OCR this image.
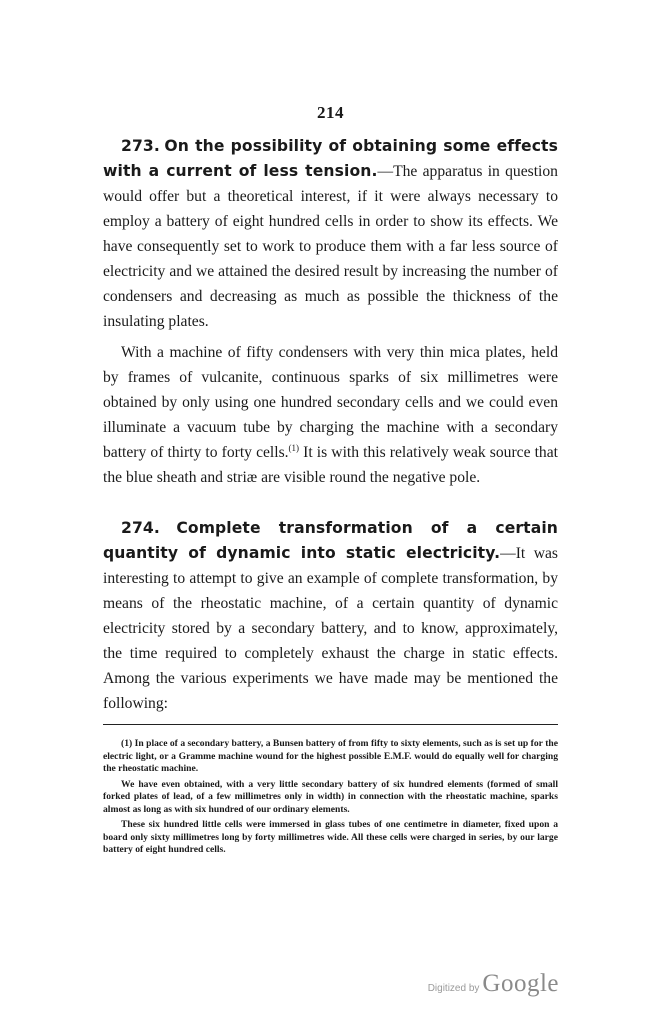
214
273. On the possibility of obtaining some effects with a current of less tension.—The apparatus in question would offer but a theoretical interest, if it were always necessary to employ a battery of eight hundred cells in order to show its effects. We have consequently set to work to produce them with a far less source of electricity and we attained the desired result by increasing the number of condensers and decreasing as much as possible the thickness of the insulating plates.
With a machine of fifty condensers with very thin mica plates, held by frames of vulcanite, continuous sparks of six millimetres were obtained by only using one hundred secondary cells and we could even illuminate a vacuum tube by charging the machine with a secondary battery of thirty to forty cells.$^{(1)}$ It is with this relatively weak source that the blue sheath and striæ are visible round the negative pole.
274. Complete transformation of a certain quantity of dynamic into static electricity.—It was interesting to attempt to give an example of complete transformation, by means of the rheostatic machine, of a certain quantity of dynamic electricity stored by a secondary battery, and to know, approximately, the time required to completely exhaust the charge in static effects. Among the various experiments we have made may be mentioned the following:

(1) In place of a secondary battery, a Bunsen battery of from fifty to sixty elements, such as is set up for the electric light, or a Gramme machine wound for the highest possible E.M.F. would do equally well for charging the rheostatic machine.

We have even obtained, with a very little secondary battery of six hundred elements (formed of small forked plates of lead, of a few millimetres only in width) in connection with the rheostatic machine, sparks almost as long as with six hundred of our ordinary elements.

These six hundred little cells were immersed in glass tubes of one centimetre in diameter, fixed upon a board only sixty millimetres long by forty millimetres wide. All these cells were charged in series, by our large battery of eight hundred cells.

Digitized by Google
